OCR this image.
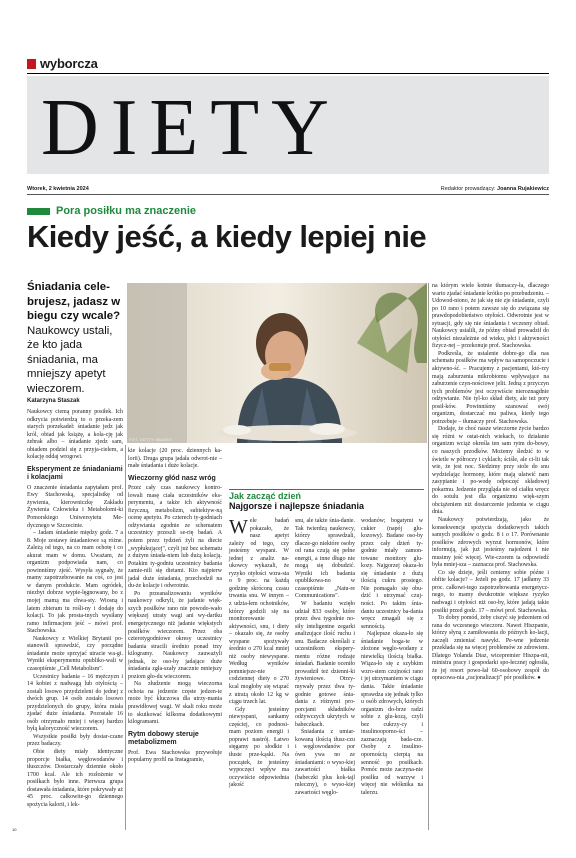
wyborcza
DIETY
Wtorek, 2 kwietnia 2024	Redaktor prowadzący: Joanna Rujakiewicz
Pora posiłku ma znaczenie
Kiedy jeść, a kiedy lepiej nie
Śniadania cele-brujesz, jadasz w biegu czy wcale? Naukowcy ustali, że kto jada śniadania, ma mniejszy apetyt wieczorem.
Katarzyna Staszak
FOT. GETTY IMAGES

Naukowcy ciemą poranny posiłek. Ich odkrycia potwierdzą to o przeka-zem starych porzekadeł: śniadanie jedz jak król, obiad jak książę, a kola-cję jak żebrak albo – śniadanie zjedz sam, obiadem podziel się z przyja-cielem, a kolację oddaj wrogowi.

Eksperyment ze śniadaniami i kolacjami

O znaczenie śniadania zapytałam prof. Ewy Stachowską, specjalistkę od żywienia, kierowniczkę Zakładu Żywienia Człowieka i Metabolomi-ki Pomorskiego Uniwersytetu Me-dycznego w Szczecinie.

– Jadam śniadanie między godz. 7 a 8. Moje zestawy śniadaniowe są różne. Zależą od tego, na co mam ochotę i co akurat mam w domu. Uważam, że organizm podpowiada nam, co powinniśmy zjeść. Wysyła sygnały, że mamy zapotrzebowanie na coś, co jest w danym produkcie. Mam ogródek, niezbyt dobrze wypie-lęgnowany, bo z mojej mamą ma chwa-sty. Wiosną i latem zbieram tu rośli-ny i dodaję do kolacji. To jak prosta-tnych wysiłany ramo infirmacjem jeść – mówi prof. Stachowska.

Naukowcy z Wielkiej Brytanii po-stanowili sprawdzić, czy porządne śniadanie może sprzyjać utracie wa-gi. Wyniki eksperymentu opubliko-wali w czasopiśmie „Cell Metabolism".

Uczestnicy badania – 16 mężczyzn i 14 kobiet z nadwagą lub otyłością – zostali losowo przydzieleni do jednej z dwóch grup. 14 osób zostało losowo przydzielonych do grupy, która miała zjadać duże śniadania. Pozostałe 16 osób otrzymało mniej i więcej bardzo byłą kaloryczność wieczorem.

Wszystkie posiłki były dostar-czane przez badaczy.

Obie diety miały identyczne proporcje białka, węglowodanów i tłuszczów. Dostarczały dziennie około 1700 kcal. Ale ich rozłożenie w posiłkach było inne. Pierwsza grupa dostawała śniadania, które pokrywały aż 45 proc. całkowite-go dziennego spożycia kalorii, i lek-

kie kolacje (20 proc. dziennych ka-lorii). Druga grupa jadała odwrot-nie – małe śniadania i duże kolacje.

Wieczorny głód nasz wróg

Przez cały czas naukowcy kontro-lowali masę ciała uczestników eks-perymentu, a także ich aktywność fizyczną, metabolizm, subiektyw-ną ocenę apetytu. Po czterech ty-godniach odżywiania zgodnie ze schematem uczestnicy przeszli se-rię badań. A potem przez tydzień żyli na diecie „wypłukującej", czyli już bez schematu z dużym śniada-niem lub dużą kolacją. Potakim ty-godniu uczestnicy badania zamie-nili się dietami. Kto najpierw jadał duże śniadania, przechodził na du-że kolacje i odwrotnie.

Po przeanalizowaniu wyników naukowcy odkryli, że jadanie więk-szych posiłków rano nie powodo-wało większej utraty wagi ani wy-dartku energetycznego niż jadanie więkstych posiłków wieczorem. Przez oba czterotygodniowe okresy uczestnicy badania stracili średnio ponad trzy kilogramy. Naukowcy zauważyli jednak, że oso-by jadające duże śniadania zgła-szały znacznie mniejszy poziom gło-du wieczorem.

Na złudzenie mogą wieczorna ochota na jedzenie częste jedzen-ie może być kluczowa dla utrzy-mania prawidłowej wagi. W skali roku może to skutkować kilkoma dodatkowymi kilogramami.

Rytm dobowy steruje metabolizmem

Prof. Ewa Stachowska przywołuje popularny profil na Instagramie,

Jak zacząć dzień
Najgorsze i najlepsze śniadania
W ele badań pokazało, że nasz apetyt zależy od tego, czy jesteśmy wyspani. W jednej z analiz na-ukowcy wykazali, że ryzyko otyłości wzra-sta o 9 proc. na każdą godzinę skróconą czasu trwania snu. W innym – z udzia-łem ochotników, którzy godzili się na monitorowanie aktywności, snu, i diety – okazało się, że osoby wyspane spożywały średnio o 270 kcal mniej niż osoby niewyspane. Według wyników pomniejsze-nie codziennej diety o 270 kcal mogłoby się wiązać z utratą około 12 kg w ciągu trzech lat.

Gdy jesteśmy niewyspani, sankamy częściej, co podnosi-mam poziom energii i poprawi nastrój. Łatwo sięgamy po słodkie i tłuste prze-kąski. Na początek, że jesteśmy wypoczęci wpływ ma oczywiście odpowiednia jakość

snu, ale także śnia-danie. Tak twierdzą naukowcy, którzy sprawdzali, dlacze-go niektóre osoby od rana czują się pełne energii, a inne długo nie mogą się dobudzić. Wyniki ich badania opublikowa-no w czasopiśmie „Natu-re Communications".

W badaniu wzięło udział 833 osoby, które przez dwa tygodnie no-siły inteligentne zegarki analizujące ilość ruchu i snu. Badacze określali z uczestnikom ekspery-mentu różne rodzaje śniadań. Badanie oceniło prowadził też dzienni-ki żywieniowe. Otrzy-mywały przez dwa ty-godnie gotowe śnia-dania z różnymi pro-porcjami składników odżywczych ukrytych w babeczkach.

Śniadania z umiar-kowaną ilością tłusz-czu i węglowodanów por ówn ywa no ze śniadaniami: o wyso-kiej zawartości białka (babeczki plus kok-tajl mleczny), o wyso-kiej zawartości węglo-

wodanów; bogatymi w cukier (napój glu-kozowy). Badane oso-by przez cały dzień ty-godnie miały zamon-towane monitory glu-kozy. Najgorzej okaza-ło się śniadanie z dużą ilością cukru prostego. Nie pomagało się obu-dzić i utrzymać czuj-ności. Po takim śnia-daniu uczestnicy ba-dania wręcz zmagali się z sennością.

Najlepsze okaza-ło się śniadanie boga-te w złożone węglo-wodany z niewielką ilością białka. Wiąza-ło się z szybkim wzro-stem czujności rano i jej utrzymaniem w ciągu dania. Takie śniadanie sprawdza się jednak tylko u osób zdrowych, których organizm do-brze radzi sobie z glu-kozą, czyli bez cukrzy-cy i insulinooporno-ści – zaznaczają bada-cze. Osoby z insulino-opornością cierpią na senność po posiłkach. Pomóc może zaczyna-nie posiłku od warzyw i więcej nie włóknika na talerzu.

na którym wiele kotnie tłumaczy-ła, dlaczego warto zjadać śniadanie krótko po przebudzeniu. – Udowod-niono, że jak się nie zje śniadanie, czyli po 10 rano i potem zawsze się do związana się prawdopodobieństwo otyłości. Odwrotnie jest w sytuacji, gdy się nie śniadania i wczesny obiad. Naukowcy ustalili, że późny obiad prowadził do otyłości niezależnie od wieku, płci i aktywności fizycz-nej – przekonuje prof. Stachowska.

Podkreśla, że ustalenie dobre-go dla nas schematu posiłków ma wpływ na samopoczucie i aktywno-ść. – Pracujemy z pacjentami, któ-rzy mają zaburzenia mikrobiomu wpływające na zaburzenie czyn-nościowe jelit. Jedną z przyczyn tych problemów jest oczywiście nieroznagdnie odżywianie. Nie tyl-ko skład diety, ale też pory posił-ków. Powinniśmy szanować swój organizm, dostarczać mu paliwa, kiedy tego potrzebuje – tłumaczy prof. Stachowska.

Dodaje, że choć nasze wieczorne życie bardzo się różni w ostat-nich wiekach, to działanie organizm wciąż określa ten sam rytm do-bowy, co naszych przodków. Możemy śledzić to w świetle w półroczy i cyklach; ściśle, ale ci-lii tak wie, że jest noc. Siedzimy przy stole do snu wydzielając hormony, które mają ułatwić nam zasypianie i po-wodę odpoczęć składowej pokarmu. Jedzenie przygląda nie od ciałku wręcz do sotulu jest dla organizmu więk-szym obciążeniem niż dostarczenie jedzenia w ciągu dnia.

Naukowcy potwierdzają, jako że konsekwencje spożycia dodatkowych takich samych posiłków o godz. 8 i o 17. Porównanie posiłków zdrowych wyrzut hormonów, które informują, jak już jesteśmy najedzeni i nie musimy jeść więcej. Wie-czorem ta odpowiedź była mniej-sza – zaznacza prof. Stachowska.

Co się dzieje, jeśli ceniemy sobie późne i obfite kolacje? – Jeżeli po godz. 17 jadłamy 33 proc. całkowi-tego zapotrzebowania energetycz-nego, to mamy dwukrotnie większe ryzyko nadwagi i otyłości niż oso-by, które jadają takie posiłki przed godz. 17 – mówi prof. Stachowska.

To dobry pomód, żeby ciszyć się jedzeniem od rana do wczesnego wieczoru. Nawet Hiszpanie, którzy słyną z zamiłowania do późnych ko-lacji, zaczęli zmieniać nawyki. Pe-wne jedzenie przekłada się na więcej problemów ze zdrowiem. Dlatego Yolanda Diaz, wicepremier Hiszpa-nii, ministra pracy i gospodarki spo-łecznej ogłosiła, że jej resort powo-łał 60-osobowy zespół do opracowa-nia „racjonalizacji" pór posiłków. ●

10
